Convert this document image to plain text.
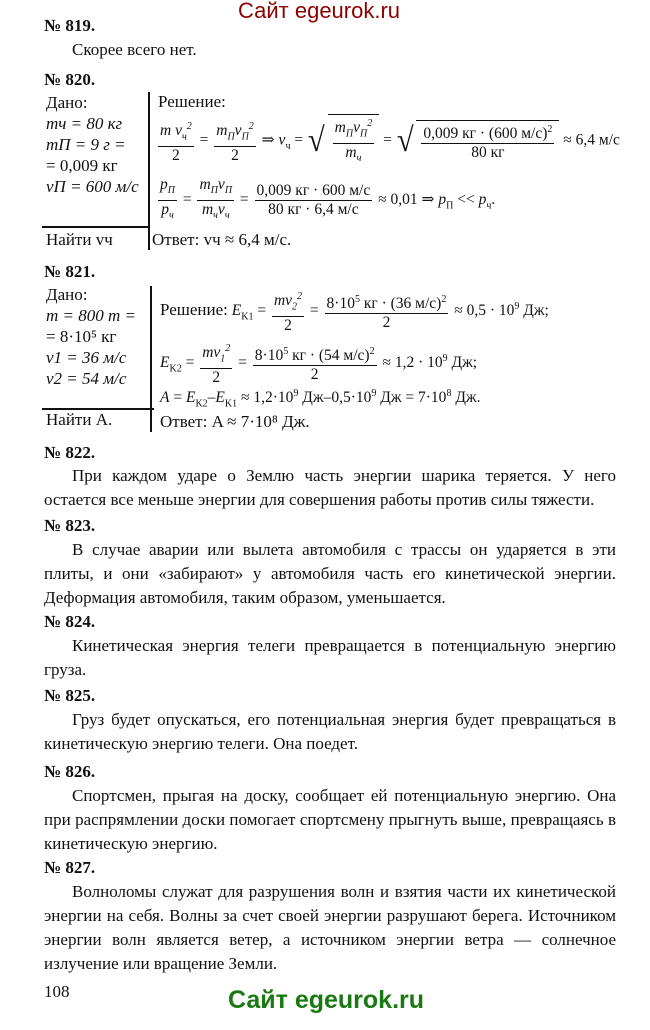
Сайт egeurok.ru
№ 819.
Скорее всего нет.
№ 820.
Дано:
mч = 80 кг
mП = 9 г =
= 0,009 кг
vП = 600 м/с
Найти vч
Решение:
$\frac{m v_ч^2}{2} = \frac{m_Пv_П^2}{2}$ ⇒ $v_ч$ = √ $\frac{m_Пv_П^2}{m_ч}$ = √ $\frac{0,009 кг \cdot (600 м/с)^2}{80 кг} \approx 6,4$ м/с
$\frac{p_П}{p_ч} = \frac{m_Пv_П}{m_чv_ч} = \frac{0,009 кг \cdot 600 м/с}{80 кг \cdot 6,4 м/с} \approx 0,01$ ⇒ $p_П << p_ч$.
Ответ: vч ≈ 6,4 м/с.
№ 821.
Дано:
m = 800 т =
= 8·10⁵ кг
v1 = 36 м/с
v2 = 54 м/с
Найти A.
Решение: $E_{K1} = \frac{mv_2^2}{2} = \frac{8\cdot 10^5 кг \cdot (36 м/с)^2}{2} \approx 0,5 \cdot 10^9$ Дж;
$E_{K2} = \frac{mv_1^2}{2} = \frac{8\cdot 10^5 кг \cdot (54 м/с)^2}{2} \approx 1,2 \cdot 10^9$ Дж;
$A = E_{K2}-E_{K1} \approx 1,2\cdot 10^9$ $Дж-0,5\cdot 10^9$ Дж = $7\cdot 10^8$ Дж.
Ответ: A ≈ 7·10⁸ Дж.
№ 822.
При каждом ударе о Землю часть энергии шарика теряется. У него остается все меньше энергии для совершения работы против силы тяжести.
№ 823.
В случае аварии или вылета автомобиля с трассы он ударяется в эти плиты, и они «забирают» у автомобиля часть его кинетической энергии. Деформация автомобиля, таким образом, уменьшается.
№ 824.
Кинетическая энергия телеги превращается в потенциальную энергию груза.
№ 825.
Груз будет опускаться, его потенциальная энергия будет превращаться в кинетическую энергию телеги. Она поедет.
№ 826.
Спортсмен, прыгая на доску, сообщает ей потенциальную энергию. Она при распрямлении доски помогает спортсмену прыгнуть выше, превращаясь в кинетическую энергию.
№ 827.
Волноломы служат для разрушения волн и взятия части их кинетической энергии на себя. Волны за счет своей энергии разрушают берега. Источником энергии волн является ветер, а источником энергии ветра — солнечное излучение или вращение Земли.
108	Сайт egeurok.ru
